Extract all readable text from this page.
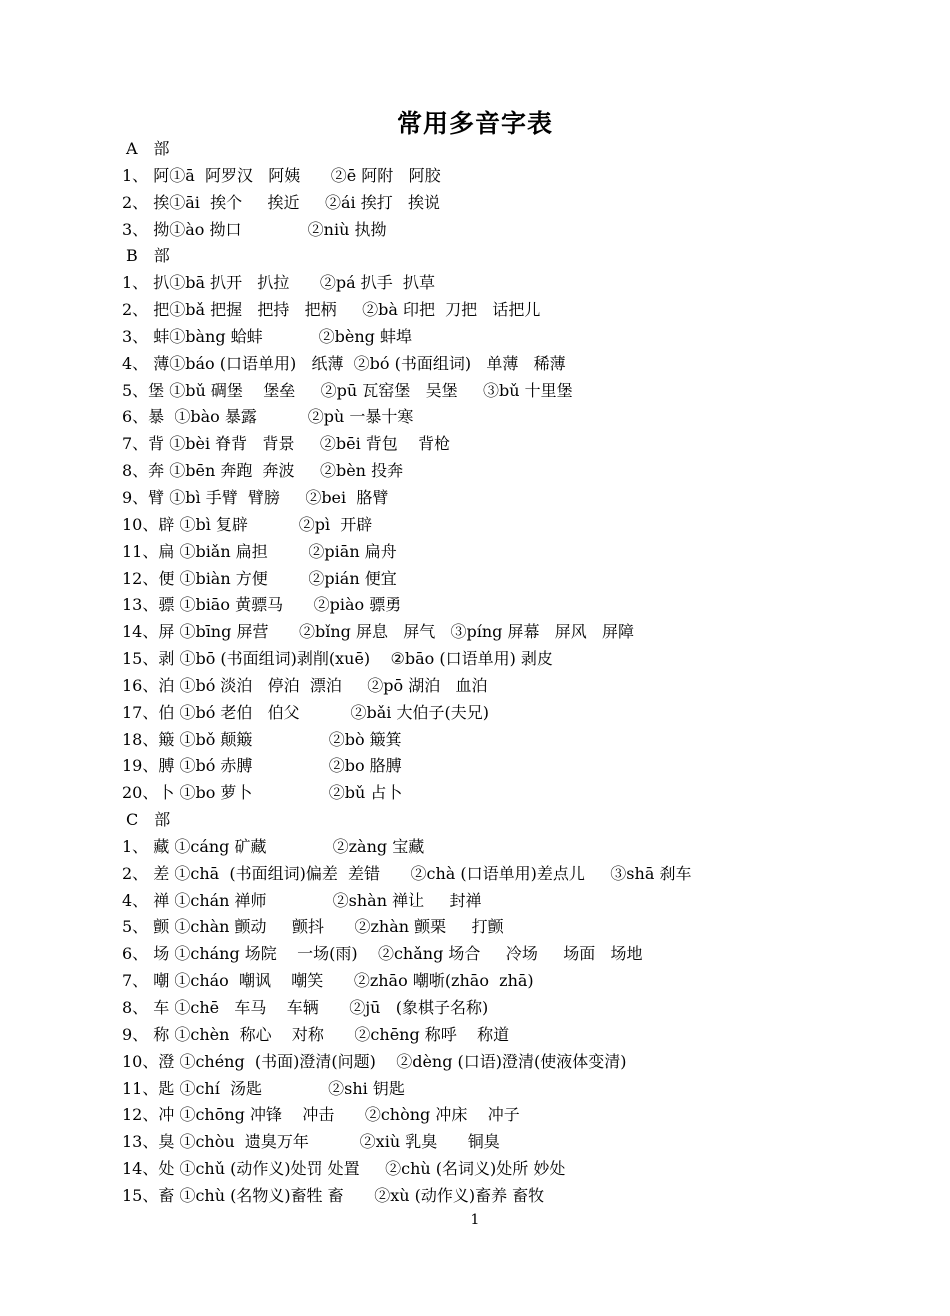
常用多音字表
A　部
1、 阿①ā  阿罗汉   阿姨      ②ē 阿附   阿胶
2、 挨①āi  挨个     挨近     ②ái 挨打   挨说
3、 拗①ào 拗口             ②niù 执拗
B　部
1、 扒①bā 扒开   扒拉      ②pá 扒手  扒草
2、 把①bǎ 把握   把持   把柄     ②bà 印把  刀把   话把儿
3、 蚌①bàng 蛤蚌           ②bèng 蚌埠
4、 薄①báo (口语单用)   纸薄  ②bó (书面组词)   单薄   稀薄
5、堡 ①bǔ 碉堡    堡垒     ②pū 瓦窑堡   吴堡     ③bǔ 十里堡
6、暴  ①bào 暴露          ②pù 一暴十寒
7、背 ①bèi 脊背   背景     ②bēi 背包    背枪
8、奔 ①bēn 奔跑  奔波     ②bèn 投奔
9、臂 ①bì 手臂  臂膀     ②bei  胳臂
10、辟 ①bì 复辟          ②pì  开辟
11、扁 ①biǎn 扁担        ②piān 扁舟
12、便 ①biàn 方便        ②pián 便宜
13、骠 ①biāo 黄骠马      ②piào 骠勇
14、屏 ①bīng 屏营      ②bǐng 屏息   屏气   ③píng 屏幕   屏风   屏障
15、剥 ①bō (书面组词)剥削(xuē)    ②bāo (口语单用) 剥皮
16、泊 ①bó 淡泊   停泊  漂泊     ②pō 湖泊   血泊
17、伯 ①bó 老伯   伯父          ②bǎi 大伯子(夫兄)
18、簸 ①bǒ 颠簸               ②bò 簸箕
19、膊 ①bó 赤膊               ②bo 胳膊
20、卜 ①bo 萝卜               ②bǔ 占卜
C　部
1、 藏 ①cáng 矿藏             ②zàng 宝藏
2、 差 ①chā  (书面组词)偏差  差错      ②chà (口语单用)差点儿     ③shā 刹车
4、 禅 ①chán 禅师             ②shàn 禅让     封禅
5、 颤 ①chàn 颤动     颤抖      ②zhàn 颤栗     打颤
6、 场 ①cháng 场院    一场(雨)    ②chǎng 场合     冷场     场面   场地
7、 嘲 ①cháo  嘲讽    嘲笑      ②zhāo 嘲哳(zhāo  zhā)
8、 车 ①chē   车马    车辆      ②jū   (象棋子名称)
9、 称 ①chèn  称心    对称      ②chēng 称呼    称道
10、澄 ①chéng  (书面)澄清(问题)    ②dèng (口语)澄清(使液体变清)
11、匙 ①chí  汤匙             ②shi 钥匙
12、冲 ①chōng 冲锋    冲击      ②chòng 冲床    冲子
13、臭 ①chòu  遗臭万年          ②xiù 乳臭      铜臭
14、处 ①chǔ (动作义)处罚 处置     ②chù (名词义)处所 妙处
15、畜 ①chù (名物义)畜牲 畜      ②xù (动作义)畜养 畜牧
1
